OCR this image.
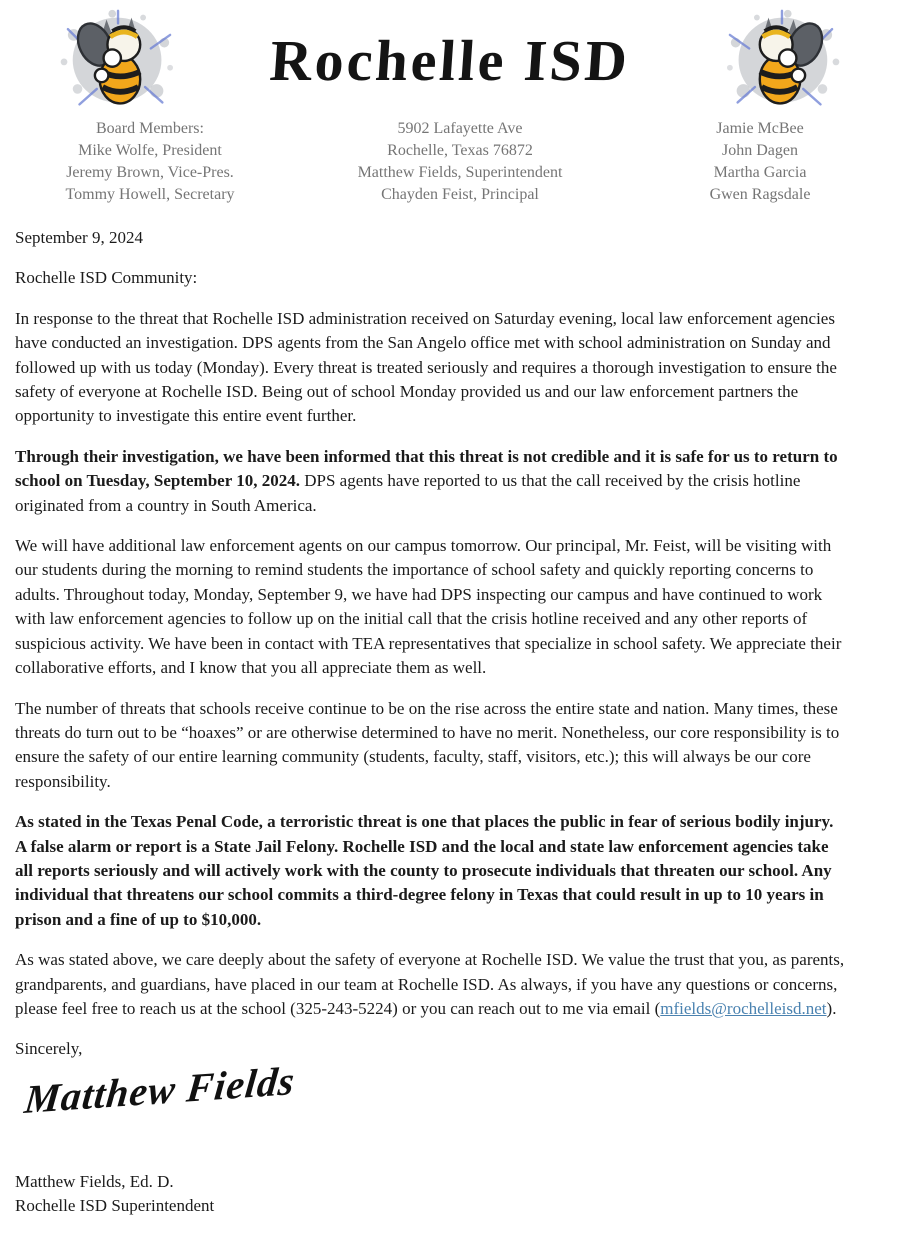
Rochelle ISD
Board Members:
Mike Wolfe, President
Jeremy Brown, Vice-Pres.
Tommy Howell, Secretary
5902 Lafayette Ave
Rochelle, Texas 76872
Matthew Fields, Superintendent
Chayden Feist, Principal
Jamie McBee
John Dagen
Martha Garcia
Gwen Ragsdale

September 9, 2024

Rochelle ISD Community:

In response to the threat that Rochelle ISD administration received on Saturday evening, local law enforcement agencies have conducted an investigation. DPS agents from the San Angelo office met with school administration on Sunday and followed up with us today (Monday). Every threat is treated seriously and requires a thorough investigation to ensure the safety of everyone at Rochelle ISD. Being out of school Monday provided us and our law enforcement partners the opportunity to investigate this entire event further.

Through their investigation, we have been informed that this threat is not credible and it is safe for us to return to school on Tuesday, September 10, 2024. DPS agents have reported to us that the call received by the crisis hotline originated from a country in South America.

We will have additional law enforcement agents on our campus tomorrow. Our principal, Mr. Feist, will be visiting with our students during the morning to remind students the importance of school safety and quickly reporting concerns to adults. Throughout today, Monday, September 9, we have had DPS inspecting our campus and have continued to work with law enforcement agencies to follow up on the initial call that the crisis hotline received and any other reports of suspicious activity. We have been in contact with TEA representatives that specialize in school safety. We appreciate their collaborative efforts, and I know that you all appreciate them as well.

The number of threats that schools receive continue to be on the rise across the entire state and nation. Many times, these threats do turn out to be “hoaxes” or are otherwise determined to have no merit. Nonetheless, our core responsibility is to ensure the safety of our entire learning community (students, faculty, staff, visitors, etc.); this will always be our core responsibility.

As stated in the Texas Penal Code, a terroristic threat is one that places the public in fear of serious bodily injury. A false alarm or report is a State Jail Felony. Rochelle ISD and the local and state law enforcement agencies take all reports seriously and will actively work with the county to prosecute individuals that threaten our school. Any individual that threatens our school commits a third-degree felony in Texas that could result in up to 10 years in prison and a fine of up to $10,000.

As was stated above, we care deeply about the safety of everyone at Rochelle ISD. We value the trust that you, as parents, grandparents, and guardians, have placed in our team at Rochelle ISD. As always, if you have any questions or concerns, please feel free to reach us at the school (325-243-5224) or you can reach out to me via email (mfields@rochelleisd.net).

Sincerely,

Matthew Fields
Matthew Fields, Ed. D.
Rochelle ISD Superintendent
